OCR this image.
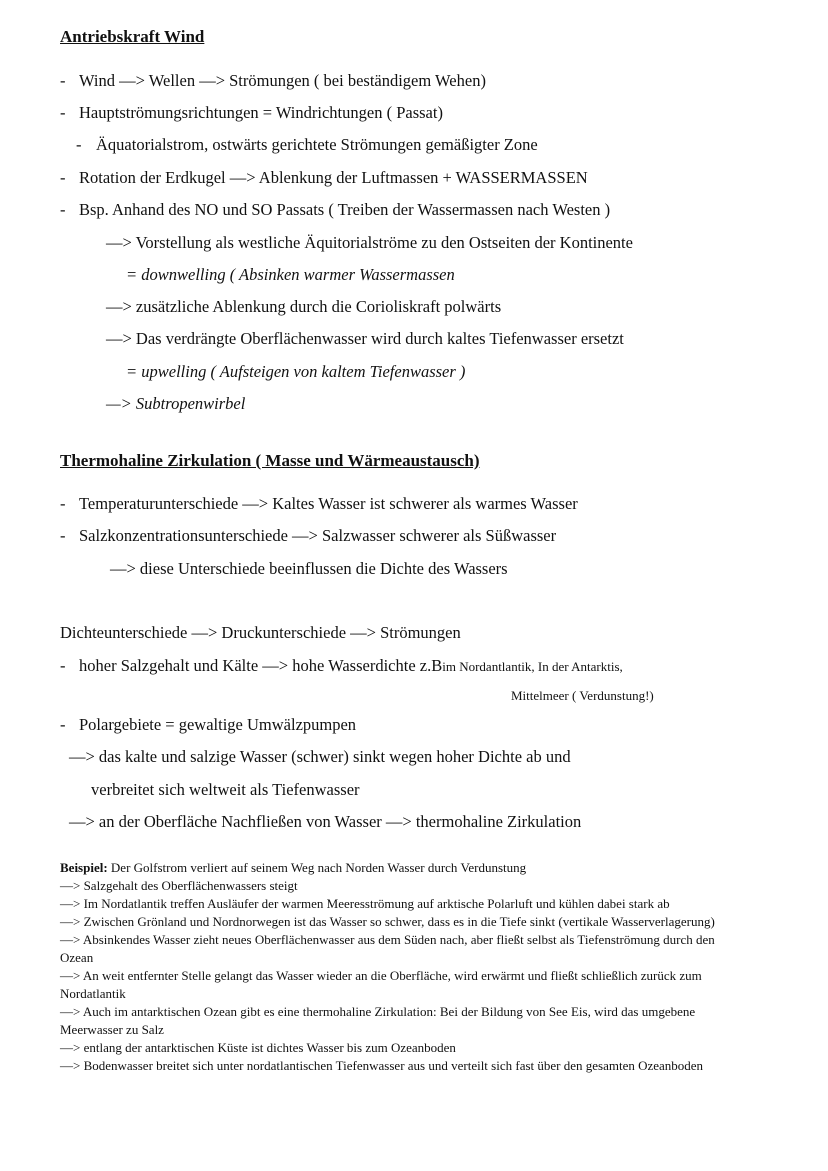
Antriebskraft Wind
- Wind —> Wellen —> Strömungen ( bei beständigem Wehen)
- Hauptströmungsrichtungen = Windrichtungen ( Passat)
- Äquatorialstrom, ostwärts gerichtete Strömungen gemäßigter Zone
- Rotation der Erdkugel —> Ablenkung der Luftmassen + WASSERMASSEN
- Bsp. Anhand des NO und SO Passats ( Treiben der Wassermassen nach Westen )
—> Vorstellung als westliche Äquitorialströme zu den Ostseiten der Kontinente
= downwelling ( Absinken warmer Wassermassen
—> zusätzliche Ablenkung durch die Corioliskraft polwärts
—> Das verdrängte Oberflächenwasser wird durch kaltes Tiefenwasser ersetzt
= upwelling ( Aufsteigen von kaltem Tiefenwasser )
—> Subtropenwirbel
Thermohaline Zirkulation ( Masse und Wärmeaustausch)
- Temperaturunterschiede —> Kaltes Wasser ist schwerer als warmes Wasser
- Salzkonzentrationsunterschiede —> Salzwasser schwerer als Süßwasser
—> diese Unterschiede beeinflussen die Dichte des Wassers
Dichteunterschiede —> Druckunterschiede —> Strömungen
- hoher Salzgehalt und Kälte —> hohe Wasserdichte z.Bim Nordantlantik, In der Antarktis,
Mittelmeer ( Verdunstung!)
- Polargebiete = gewaltige Umwälzpumpen
—> das kalte und salzige Wasser (schwer) sinkt wegen hoher Dichte ab und
verbreitet sich weltweit als Tiefenwasser
—> an der Oberfläche Nachfließen von Wasser —> thermohaline Zirkulation
Beispiel: Der Golfstrom verliert auf seinem Weg nach Norden Wasser durch Verdunstung
—> Salzgehalt des Oberflächenwassers steigt
—> Im Nordatlantik treffen Ausläufer der warmen Meeresströmung auf arktische Polarluft und kühlen dabei stark ab
—> Zwischen Grönland und Nordnorwegen ist das Wasser so schwer, dass es in die Tiefe sinkt (vertikale Wasserverlagerung)
—> Absinkendes Wasser zieht neues Oberflächenwasser aus dem Süden nach, aber fließt selbst als Tiefenströmung durch den
Ozean
—> An weit entfernter Stelle gelangt das Wasser wieder an die Oberfläche, wird erwärmt und fließt schließlich zurück zum
Nordatlantik
—> Auch im antarktischen Ozean gibt es eine thermohaline Zirkulation: Bei der Bildung von See Eis, wird das umgebene
Meerwasser zu Salz
—> entlang der antarktischen Küste ist dichtes Wasser bis zum Ozeanboden
—> Bodenwasser breitet sich unter nordatlantischen Tiefenwasser aus und verteilt sich fast über den gesamten Ozeanboden
